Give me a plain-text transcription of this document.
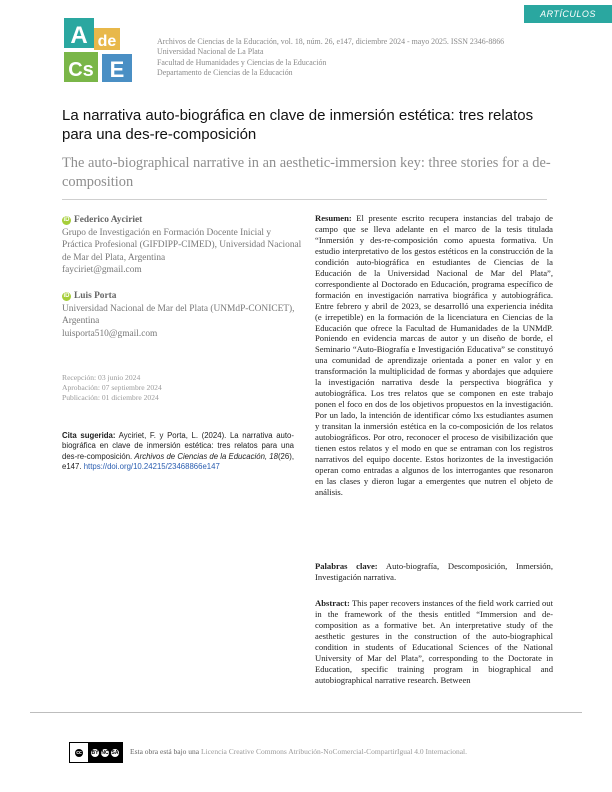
ARTÍCULOS
A de
Cs E
Archivos de Ciencias de la Educación, vol. 18, núm. 26, e147, diciembre 2024 - mayo 2025. ISSN 2346-8866
Universidad Nacional de La Plata
Facultad de Humanidades y Ciencias de la Educación
Departamento de Ciencias de la Educación
La narrativa auto-biográfica en clave de inmersión estética: tres relatos para una des-re-composición
The auto-biographical narrative in an aesthetic-immersion key: three stories for a de-composition
iD Federico Ayciriet
Grupo de Investigación en Formación Docente Inicial y Práctica Profesional (GIFDIPP-CIMED), Universidad Nacional de Mar del Plata, Argentina
fayciriet@gmail.com
iD Luis Porta
Universidad Nacional de Mar del Plata (UNMdP-CONICET), Argentina
luisporta510@gmail.com
Recepción: 03 junio 2024
Aprobación: 07 septiembre 2024
Publicación: 01 diciembre 2024
Cita sugerida: Ayciriet, F. y Porta, L. (2024). La narrativa auto-biográfica en clave de inmersión estética: tres relatos para una des-re-composición. Archivos de Ciencias de la Educación, 18(26), e147. https://doi.org/10.24215/23468866e147

Resumen: El presente escrito recupera instancias del trabajo de campo que se lleva adelante en el marco de la tesis titulada “Inmersión y des-re-composición como apuesta formativa. Un estudio interpretativo de los gestos estéticos en la construcción de la condición auto-biográfica en estudiantes de Ciencias de la Educación de la Universidad Nacional de Mar del Plata”, correspondiente al Doctorado en Educación, programa específico de formación en investigación narrativa biográfica y autobiográfica. Entre febrero y abril de 2023, se desarrolló una experiencia inédita (e irrepetible) en la formación de la licenciatura en Ciencias de la Educación que ofrece la Facultad de Humanidades de la UNMdP. Poniendo en evidencia marcas de autor y un diseño de borde, el Seminario “Auto-Biografía e Investigación Educativa” se constituyó una comunidad de aprendizaje orientada a poner en valor y en transformación la multiplicidad de formas y abordajes que adquiere la investigación narrativa desde la perspectiva biográfica y autobiográfica. Los tres relatos que se componen en este trabajo ponen el foco en dos de los objetivos propuestos en la investigación. Por un lado, la intención de identificar cómo lxs estudiantes asumen y transitan la inmersión estética en la co-composición de los relatos autobiográficos. Por otro, reconocer el proceso de visibilización que tienen estos relatos y el modo en que se entraman con los registros narrativos del equipo docente. Estos horizontes de la investigación operan como entradas a algunos de los interrogantes que resonaron en las clases y dieron lugar a emergentes que nutren el objeto de análisis.

Palabras clave: Auto-biografía, Descomposición, Inmersión, Investigación narrativa.

Abstract: This paper recovers instances of the field work carried out in the framework of the thesis entitled “Immersion and de-composition as a formative bet. An interpretative study of the aesthetic gestures in the construction of the auto-biographical condition in students of Educational Sciences of the National University of Mar del Plata”, corresponding to the Doctorate in Education, specific training program in biographical and autobiographical narrative research. Between

cc BY NC SA Esta obra está bajo una Licencia Creative Commons Atribución-NoComercial-CompartirIgual 4.0 Internacional.
